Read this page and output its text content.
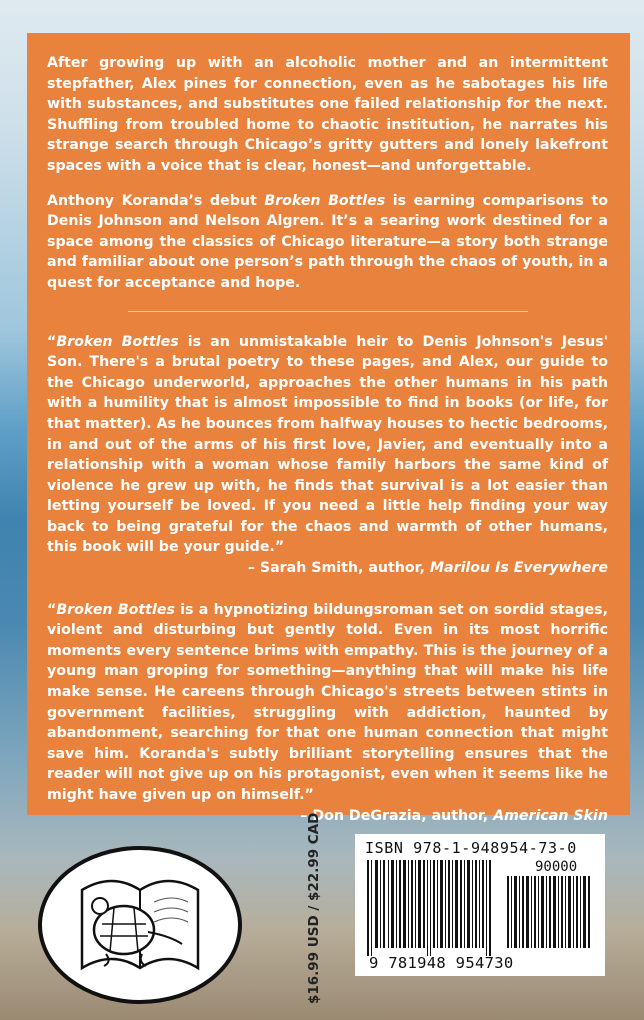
After growing up with an alcoholic mother and an intermittent stepfather, Alex pines for connection, even as he sabotages his life with substances, and substitutes one failed relationship for the next. Shuffling from troubled home to chaotic institution, he narrates his strange search through Chicago’s gritty gutters and lonely lakefront spaces with a voice that is clear, honest—and unforgettable.

Anthony Koranda’s debut Broken Bottles is earning comparisons to Denis Johnson and Nelson Algren. It’s a searing work destined for a space among the classics of Chicago literature—a story both strange and familiar about one person’s path through the chaos of youth, in a quest for acceptance and hope.

“Broken Bottles is an unmistakable heir to Denis Johnson's Jesus' Son. There's a brutal poetry to these pages, and Alex, our guide to the Chicago underworld, approaches the other humans in his path with a humility that is almost impossible to find in books (or life, for that matter). As he bounces from halfway houses to hectic bedrooms, in and out of the arms of his first love, Javier, and eventually into a relationship with a woman whose family harbors the same kind of violence he grew up with, he finds that survival is a lot easier than letting yourself be loved. If you need a little help finding your way back to being grateful for the chaos and warmth of other humans, this book will be your guide.”

– Sarah Smith, author, Marilou Is Everywhere

“Broken Bottles is a hypnotizing bildungsroman set on sordid stages, violent and disturbing but gently told. Even in its most horrific moments every sentence brims with empathy. This is the journey of a young man groping for something—anything that will make his life make sense. He careens through Chicago's streets between stints in government facilities, struggling with addiction, haunted by abandonment, searching for that one human connection that might save him. Koranda's subtly brilliant storytelling ensures that the reader will not give up on his protagonist, even when it seems like he might have given up on himself.”

– Don DeGrazia, author, American Skin

$16.99 USD / $22.99 CAD	ISBN 978-1-948954-73-0
90000
9 781948 954730
